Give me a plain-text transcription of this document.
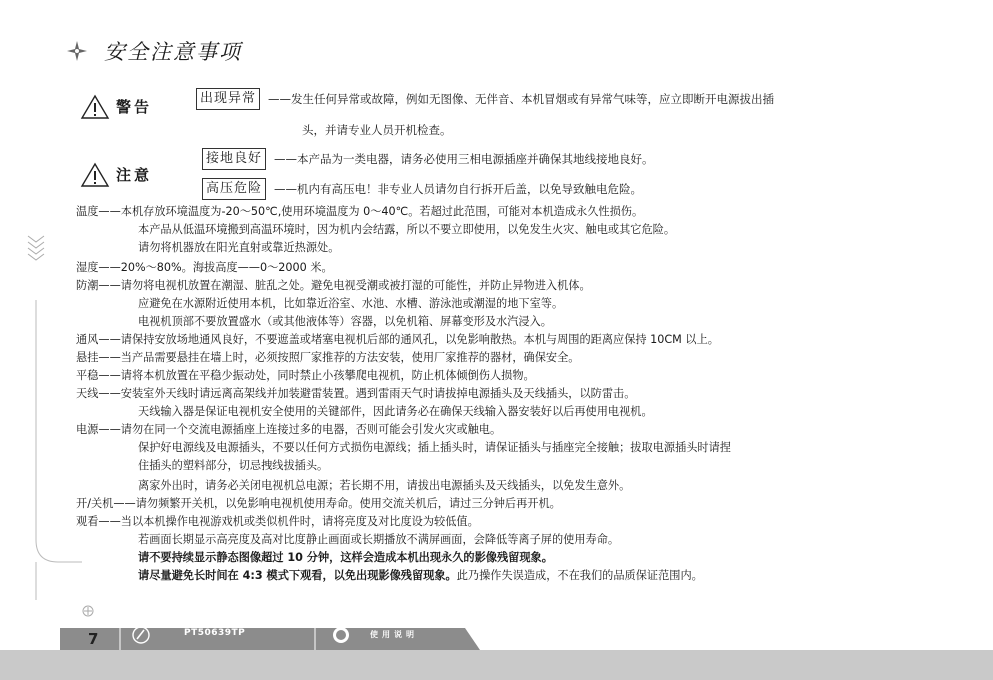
安全注意事项
警告	出现异常	——发生任何异常或故障，例如无图像、无伴音、本机冒烟或有异常气味等，应立即断开电源拔出插
头，并请专业人员开机检查。
注意
接地良好	——本产品为一类电器，请务必使用三相电源插座并确保其地线接地良好。
高压危险	——机内有高压电！非专业人员请勿自行拆开后盖，以免导致触电危险。
温度——本机存放环境温度为-20～50℃,使用环境温度为 0～40℃。若超过此范围，可能对本机造成永久性损伤。
本产品从低温环境搬到高温环境时，因为机内会结露，所以不要立即使用，以免发生火灾、触电或其它危险。
请勿将机器放在阳光直射或靠近热源处。
湿度——20%～80%。海拔高度——0～2000 米。
防潮——请勿将电视机放置在潮湿、脏乱之处。避免电视受潮或被打湿的可能性，并防止异物进入机体。
应避免在水源附近使用本机，比如靠近浴室、水池、水槽、游泳池或潮湿的地下室等。
电视机顶部不要放置盛水（或其他液体等）容器，以免机箱、屏幕变形及水汽浸入。
通风——请保持安放场地通风良好，不要遮盖或堵塞电视机后部的通风孔，以免影响散热。本机与周围的距离应保持 10CM 以上。
悬挂——当产品需要悬挂在墙上时，必须按照厂家推荐的方法安装，使用厂家推荐的器材，确保安全。
平稳——请将本机放置在平稳少振动处，同时禁止小孩攀爬电视机，防止机体倾倒伤人损物。
天线——安装室外天线时请远离高架线并加装避雷装置。遇到雷雨天气时请拔掉电源插头及天线插头，以防雷击。
天线输入器是保证电视机安全使用的关键部件，因此请务必在确保天线输入器安装好以后再使用电视机。
电源——请勿在同一个交流电源插座上连接过多的电器，否则可能会引发火灾或触电。
保护好电源线及电源插头，不要以任何方式损伤电源线；插上插头时，请保证插头与插座完全接触；拔取电源插头时请捏
住插头的塑料部分，切忌拽线拔插头。
离家外出时，请务必关闭电视机总电源；若长期不用，请拔出电源插头及天线插头，以免发生意外。
开/关机——请勿频繁开关机，以免影响电视机使用寿命。使用交流关机后，请过三分钟后再开机。
观看——当以本机操作电视游戏机或类似机件时，请将亮度及对比度设为较低值。
若画面长期显示高亮度及高对比度静止画面或长期播放不满屏画面，会降低等离子屏的使用寿命。
请不要持续显示静态图像超过 10 分钟，这样会造成本机出现永久的影像残留现象。
请尽量避免长时间在 4:3 模式下观看，以免出现影像残留现象。此乃操作失误造成，不在我们的品质保证范围内。
7	PT50639TP	使用说明
